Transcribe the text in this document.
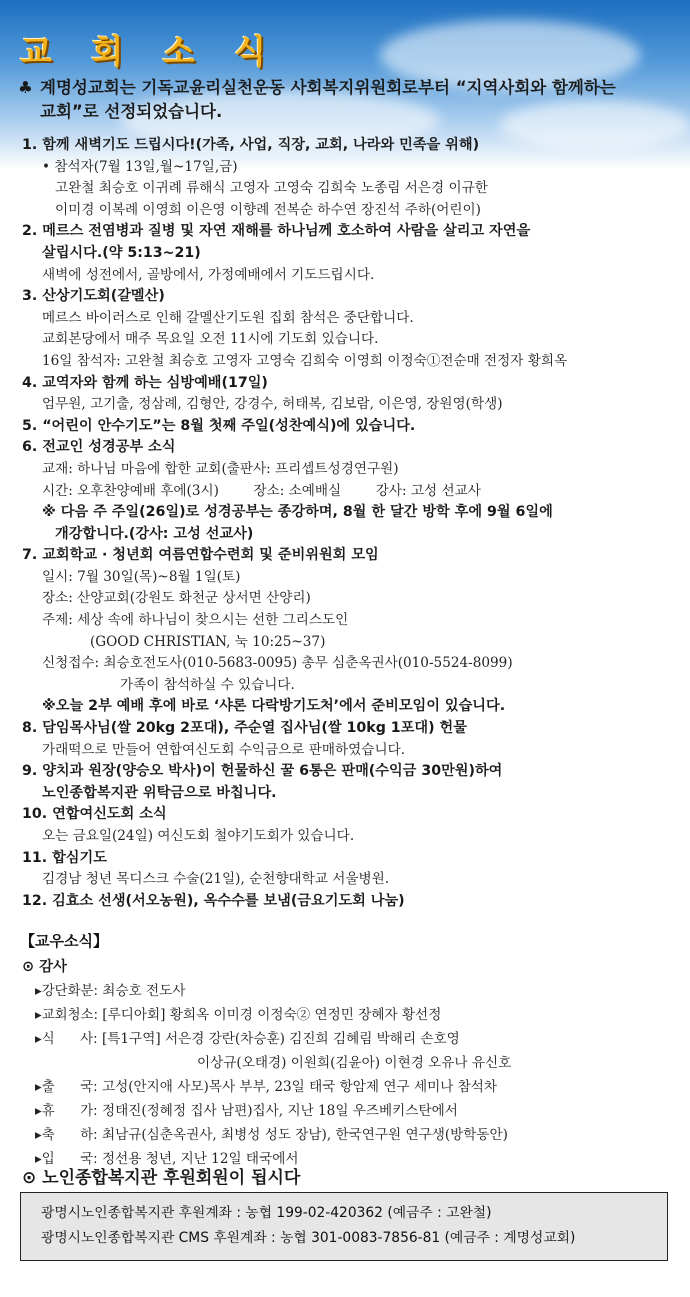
교 회 소 식
♣ 계명성교회는 기독교윤리실천운동 사회복지위원회로부터 “지역사회와 함께하는
교회”로 선정되었습니다.
1. 함께 새벽기도 드립시다!(가족, 사업, 직장, 교회, 나라와 민족을 위해)
• 참석자(7월 13일,월~17일,금)
고완철 최승호 이귀례 류해식 고영자 고영숙 김희숙 노종림 서은경 이규한
이미경 이복례 이영희 이은영 이향례 전복순 하수연 장진석 주하(어린이)
2. 메르스 전염병과 질병 및 자연 재해를 하나님께 호소하여 사람을 살리고 자연을
살립시다.(약 5:13~21)
새벽에 성전에서, 골방에서, 가정예배에서 기도드립시다.
3. 산상기도회(갈멜산)
메르스 바이러스로 인해 갈멜산기도원 집회 참석은 중단합니다.
교회본당에서 매주 목요일 오전 11시에 기도회 있습니다.
16일 참석자: 고완철 최승호 고영자 고영숙 김희숙 이영희 이정숙①전순매 전정자 황희옥
4. 교역자와 함께 하는 심방예배(17일)
엄무원, 고기출, 정삼례, 김형안, 강경수, 허태복, 김보람, 이은영, 장원영(학생)
5. “어린이 안수기도”는 8월 첫째 주일(성찬예식)에 있습니다.
6. 전교인 성경공부 소식
교재: 하나님 마음에 합한 교회(출판사: 프리셉트성경연구원)
시간: 오후찬양예배 후에(3시)        장소: 소예배실        강사: 고성 선교사
※ 다음 주 주일(26일)로 성경공부는 종강하며, 8월 한 달간 방학 후에 9월 6일에
개강합니다.(강사: 고성 선교사)
7. 교회학교 · 청년회 여름연합수련회 및 준비위원회 모임
일시: 7월 30일(목)~8월 1일(토)
장소: 산양교회(강원도 화천군 상서면 산양리)
주제: 세상 속에 하나님이 찾으시는 선한 그리스도인
(GOOD CHRISTIAN, 눅 10:25~37)
신청접수: 최승호전도사(010-5683-0095) 총무 심춘옥권사(010-5524-8099)
가족이 참석하실 수 있습니다.
※오늘 2부 예배 후에 바로 ‘샤론 다락방기도처’에서 준비모임이 있습니다.
8. 담임목사님(쌀 20kg 2포대), 주순열 집사님(쌀 10kg 1포대) 헌물
가래떡으로 만들어 연합여신도회 수익금으로 판매하였습니다.
9. 양치과 원장(양승오 박사)이 헌물하신 꿀 6통은 판매(수익금 30만원)하여
노인종합복지관 위탁금으로 바칩니다.
10. 연합여신도회 소식
오는 금요일(24일) 여신도회 철야기도회가 있습니다.
11. 합심기도
김경남 청년 목디스크 수술(21일), 순천향대학교 서울병원.
12. 김효소 선생(서오농원), 옥수수를 보냄(금요기도회 나눔)
【교우소식】
⊙ 감사
▸강단화분: 최승호 전도사
▸교회청소: [루디아회] 황희옥 이미경 이정숙② 연정민 장혜자 황선정
▸식      사: [특1구역] 서은경 강란(차승훈) 김진희 김혜림 박해리 손호영
이상규(오태경) 이원희(김윤아) 이현경 오유나 유신호
▸출      국: 고성(안지애 사모)목사 부부, 23일 태국 항암제 연구 세미나 참석차
▸휴      가: 정태진(정혜정 집사 남편)집사, 지난 18일 우즈베키스탄에서
▸축      하: 최남규(심춘옥권사, 최병성 성도 장남), 한국연구원 연구생(방학동안)
▸입      국: 정선용 청년, 지난 12일 태국에서
⊙ 노인종합복지관 후원회원이 됩시다
광명시노인종합복지관 후원계좌 : 농협 199-02-420362 (예금주 : 고완철)
광명시노인종합복지관 CMS 후원계좌 : 농협 301-0083-7856-81 (예금주 : 계명성교회)
